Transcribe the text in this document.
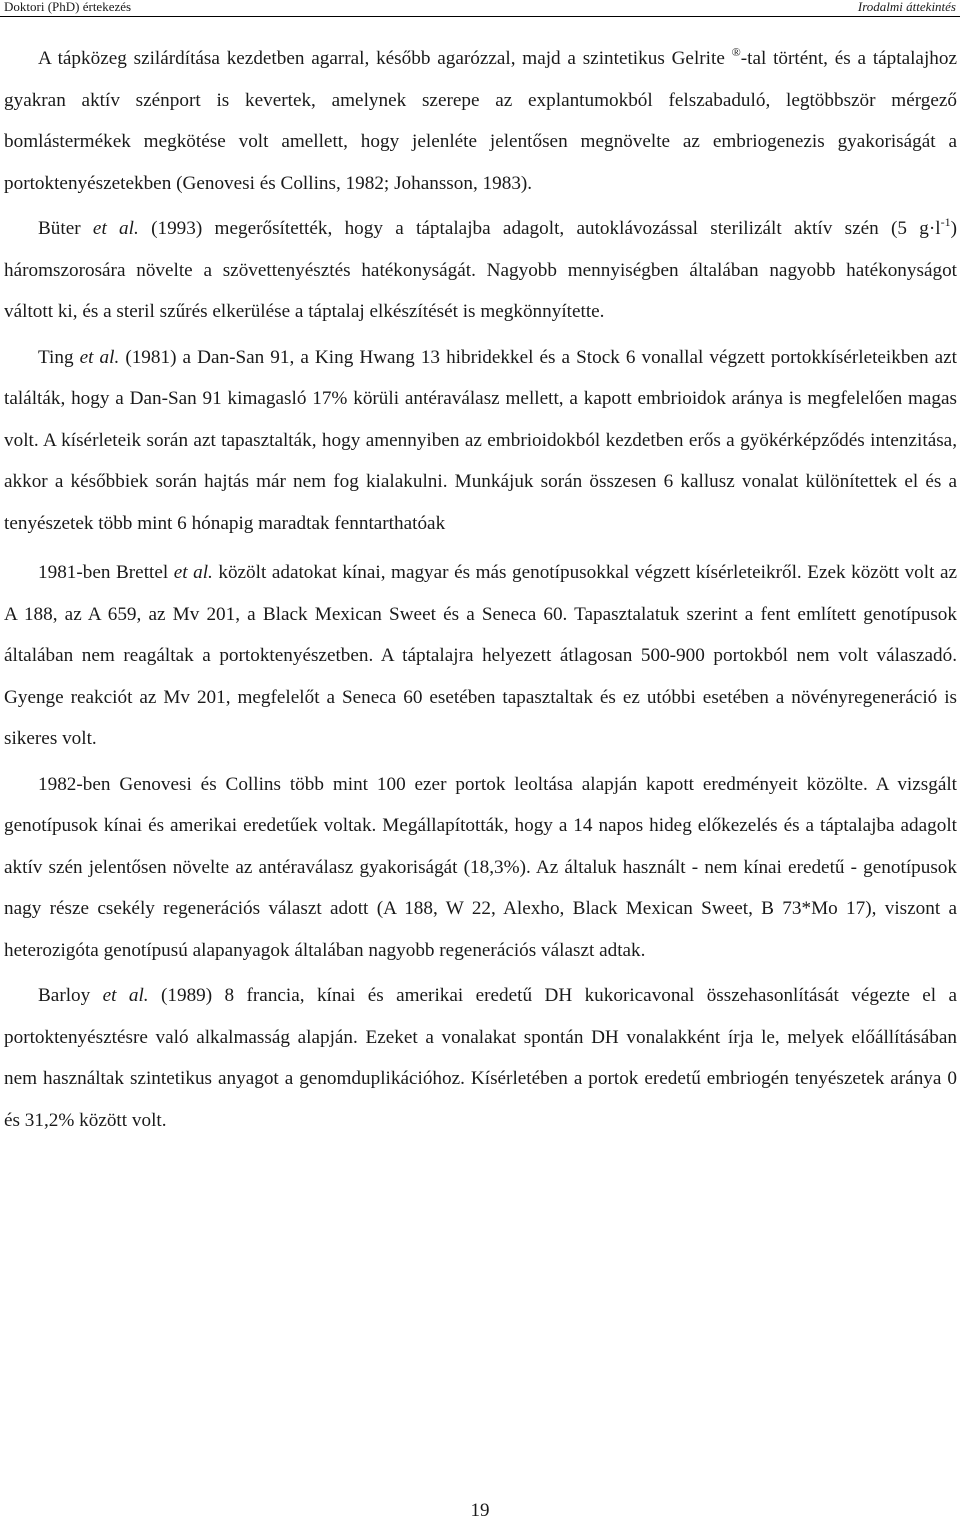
Doktori (PhD) értekezés	Irodalmi áttekintés

A tápközeg szilárdítása kezdetben agarral, később agarózzal, majd a szintetikus Gelrite ®-tal történt, és a táptalajhoz gyakran aktív szénport is kevertek, amelynek szerepe az explantumokból felszabaduló, legtöbbször mérgező bomlástermékek megkötése volt amellett, hogy jelenléte jelentősen megnövelte az embriogenezis gyakoriságát a portoktenyészetekben (Genovesi és Collins, 1982; Johansson, 1983).

Büter et al. (1993) megerősítették, hogy a táptalajba adagolt, autoklávozással sterilizált aktív szén (5 $g\cdot l^{-1}$) háromszorosára növelte a szövettenyésztés hatékonyságát. Nagyobb mennyiségben általában nagyobb hatékonyságot váltott ki, és a steril szűrés elkerülése a táptalaj elkészítését is megkönnyítette.

Ting et al. (1981) a Dan-San 91, a King Hwang 13 hibridekkel és a Stock 6 vonallal végzett portokkísérleteikben azt találták, hogy a Dan-San 91 kimagasló 17% körüli antéraválasz mellett, a kapott embrioidok aránya is megfelelően magas volt. A kísérleteik során azt tapasztalták, hogy amennyiben az embrioidokból kezdetben erős a gyökérképződés intenzitása, akkor a későbbiek során hajtás már nem fog kialakulni. Munkájuk során összesen 6 kallusz vonalat különítettek el és a tenyészetek több mint 6 hónapig maradtak fenntarthatóak

1981-ben Brettel et al. közölt adatokat kínai, magyar és más genotípusokkal végzett kísérleteikről. Ezek között volt az A 188, az A 659, az Mv 201, a Black Mexican Sweet és a Seneca 60. Tapasztalatuk szerint a fent említett genotípusok általában nem reagáltak a portoktenyészetben. A táptalajra helyezett átlagosan 500-900 portokból nem volt válaszadó. Gyenge reakciót az Mv 201, megfelelőt a Seneca 60 esetében tapasztaltak és ez utóbbi esetében a növényregeneráció is sikeres volt.

1982-ben Genovesi és Collins több mint 100 ezer portok leoltása alapján kapott eredményeit közölte. A vizsgált genotípusok kínai és amerikai eredetűek voltak. Megállapították, hogy a 14 napos hideg előkezelés és a táptalajba adagolt aktív szén jelentősen növelte az antéraválasz gyakoriságát (18,3%). Az általuk használt - nem kínai eredetű - genotípusok nagy része csekély regenerációs választ adott (A 188, W 22, Alexho, Black Mexican Sweet, B 73*Mo 17), viszont a heterozigóta genotípusú alapanyagok általában nagyobb regenerációs választ adtak.

Barloy et al. (1989) 8 francia, kínai és amerikai eredetű DH kukoricavonal összehasonlítását végezte el a portoktenyésztésre való alkalmasság alapján. Ezeket a vonalakat spontán DH vonalakként írja le, melyek előállításában nem használtak szintetikus anyagot a genomduplikációhoz. Kísérletében a portok eredetű embriogén tenyészetek aránya 0 és 31,2% között volt.

19
